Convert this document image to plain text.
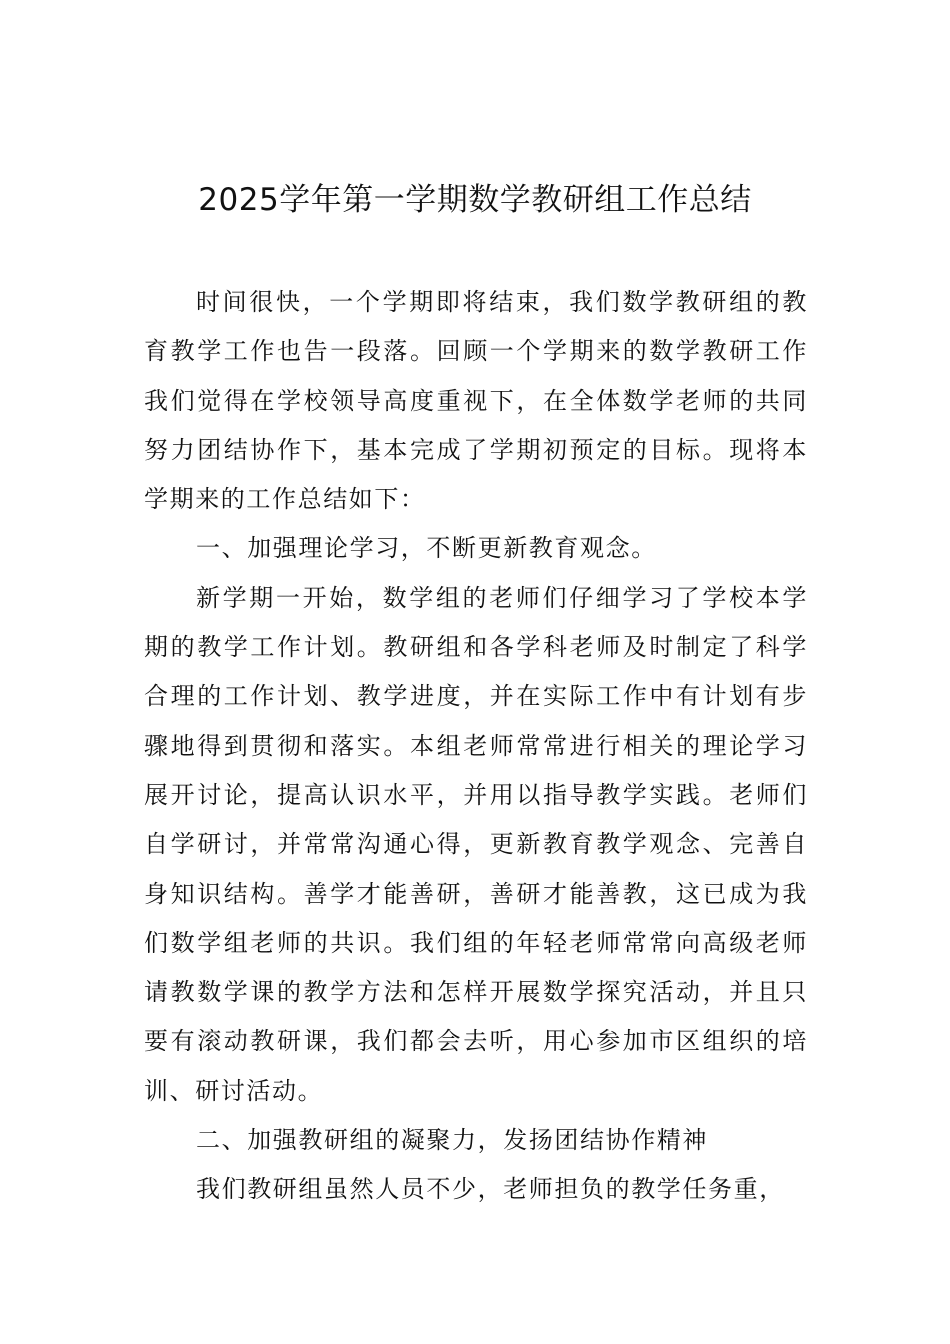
2025学年第一学期数学教研组工作总结

时间很快，一个学期即将结束，我们数学教研组的教育教学工作也告一段落。回顾一个学期来的数学教研工作我们觉得在学校领导高度重视下，在全体数学老师的共同努力团结协作下，基本完成了学期初预定的目标。现将本学期来的工作总结如下：

一、加强理论学习，不断更新教育观念。

新学期一开始，数学组的老师们仔细学习了学校本学期的教学工作计划。教研组和各学科老师及时制定了科学合理的工作计划、教学进度，并在实际工作中有计划有步骤地得到贯彻和落实。本组老师常常进行相关的理论学习展开讨论，提高认识水平，并用以指导教学实践。老师们自学研讨，并常常沟通心得，更新教育教学观念、完善自身知识结构。善学才能善研，善研才能善教，这已成为我们数学组老师的共识。我们组的年轻老师常常向高级老师请教数学课的教学方法和怎样开展数学探究活动，并且只要有滚动教研课，我们都会去听，用心参加市区组织的培训、研讨活动。

二、加强教研组的凝聚力，发扬团结协作精神

我们教研组虽然人员不少，老师担负的教学任务重，
